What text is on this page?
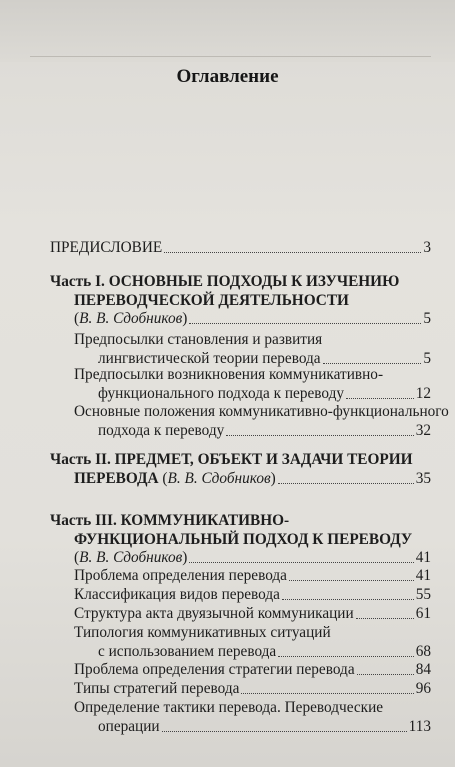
Оглавление
ПРЕДИСЛОВИЕ	3
Часть I. ОСНОВНЫЕ ПОДХОДЫ К ИЗУЧЕНИЮ
ПЕРЕВОДЧЕСКОЙ ДЕЯТЕЛЬНОСТИ
(В. В. Сдобников)	5
Предпосылки становления и развития
лингвистической теории перевода	5
Предпосылки возникновения коммуникативно-
функционального подхода к переводу	12
Основные положения коммуникативно-функционального
подхода к переводу	32
Часть II. ПРЕДМЕТ, ОБЪЕКТ И ЗАДАЧИ ТЕОРИИ
ПЕРЕВОДА (В. В. Сдобников)	35
Часть III. КОММУНИКАТИВНО-
ФУНКЦИОНАЛЬНЫЙ ПОДХОД К ПЕРЕВОДУ
(В. В. Сдобников)	41
Проблема определения перевода	41
Классификация видов перевода	55
Структура акта двуязычной коммуникации	61
Типология коммуникативных ситуаций
с использованием перевода	68
Проблема определения стратегии перевода	84
Типы стратегий перевода	96
Определение тактики перевода. Переводческие
операции	113
